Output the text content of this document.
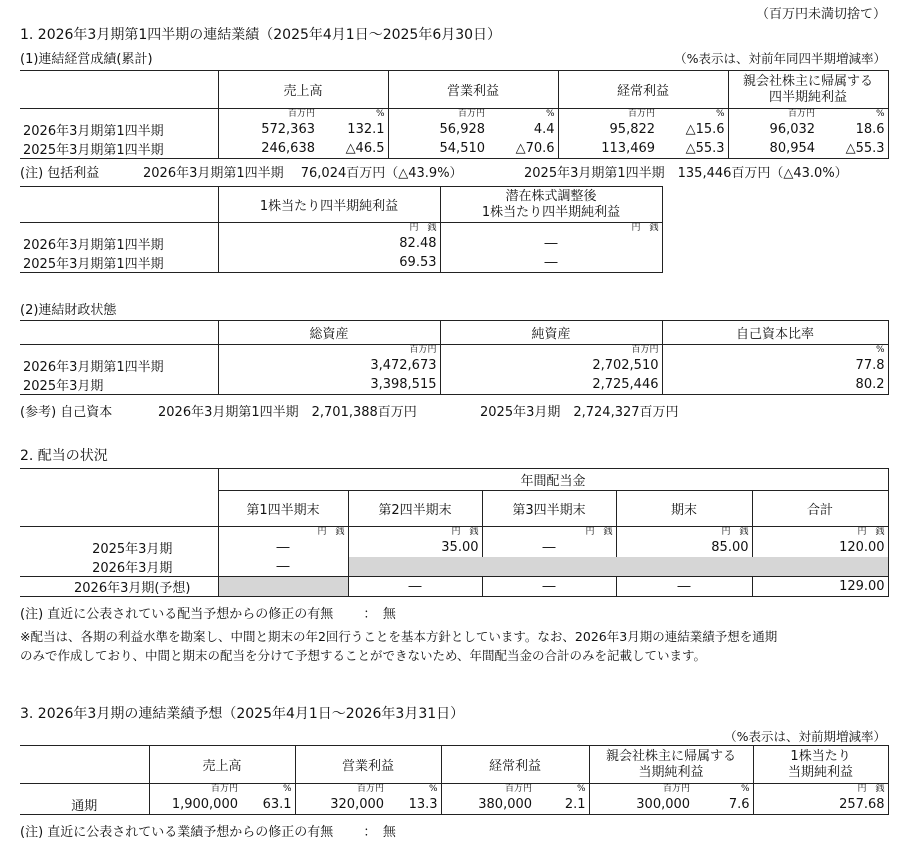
（百万円未満切捨て）
1. 2026年3月期第1四半期の連結業績（2025年4月1日～2025年6月30日）
(1)連結経営成績(累計)	（%表示は、対前年同四半期増減率）
	売上高		営業利益		経常利益		親会社株主に帰属する
四半期純利益	
	百万円	%	百万円	%	百万円	%	百万円	%
2026年3月期第1四半期	572,363	132.1	56,928	4.4	95,822	△15.6	96,032	18.6
2025年3月期第1四半期	246,638	△46.5	54,510	△70.6	113,469	△55.3	80,954	△55.3
(注) 包括利益	2026年3月期第1四半期　 76,024百万円（△43.9%）	2025年3月期第1四半期　135,446百万円（△43.0%）
	1株当たり四半期純利益	潜在株式調整後
1株当たり四半期純利益
	円　銭	円　銭
2026年3月期第1四半期	82.48	―
2025年3月期第1四半期	69.53	―
(2)連結財政状態
	総資産	純資産	自己資本比率
	百万円	百万円	%
2026年3月期第1四半期	3,472,673	2,702,510	77.8
2025年3月期	3,398,515	2,725,446	80.2
(参考) 自己資本	2026年3月期第1四半期　2,701,388百万円	2025年3月期　2,724,327百万円
2. 配当の状況
	年間配当金				
	第1四半期末	第2四半期末	第3四半期末	期末	合計
	円　銭	円　銭	円　銭	円　銭	円　銭
2025年3月期	―	35.00	―	85.00	120.00
2026年3月期	―				
2026年3月期(予想)		―	―	―	129.00
(注) 直近に公表されている配当予想からの修正の有無　　 ：　無
※配当は、各期の利益水準を勘案し、中間と期末の年2回行うことを基本方針としています。なお、2026年3月期の連結業績予想を通期
のみで作成しており、中間と期末の配当を分けて予想することができないため、年間配当金の合計のみを記載しています。
3. 2026年3月期の連結業績予想（2025年4月1日～2026年3月31日）
（%表示は、対前期増減率）
	売上高		営業利益		経常利益		親会社株主に帰属する
当期純利益		1株当たり
当期純利益
	百万円	%	百万円	%	百万円	%	百万円	%	円　銭
通期	1,900,000	63.1	320,000	13.3	380,000	2.1	300,000	7.6	257.68
(注) 直近に公表されている業績予想からの修正の有無　　 ：　無
